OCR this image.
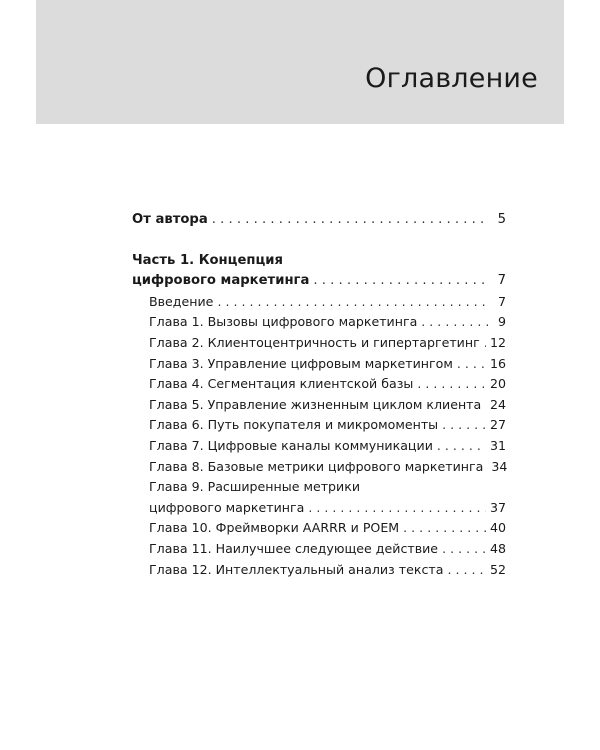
Оглавление
От автора . . .	5
Часть 1. Концепция
цифрового маркетинга . . .	7
Введение . . .	7
Глава 1. Вызовы цифрового маркетинга . . .	9
Глава 2. Клиентоцентричность и гипертаргетинг . . . 12
Глава 3. Управление цифровым маркетингом . . .	16
Глава 4. Сегментация клиентской базы . . .	20
Глава 5. Управление жизненным циклом клиента . . . 24
Глава 6. Путь покупателя и микромоменты . . .	27
Глава 7. Цифровые каналы коммуникации . . .	31
Глава 8. Базовые метрики цифрового маркетинга 34
Глава 9. Расширенные метрики
цифрового маркетинга . . .	37
Глава 10. Фреймворки AARRR и POEM . . .	40
Глава 11. Наилучшее следующее действие . . .	48
Глава 12. Интеллектуальный анализ текста . . .	52
